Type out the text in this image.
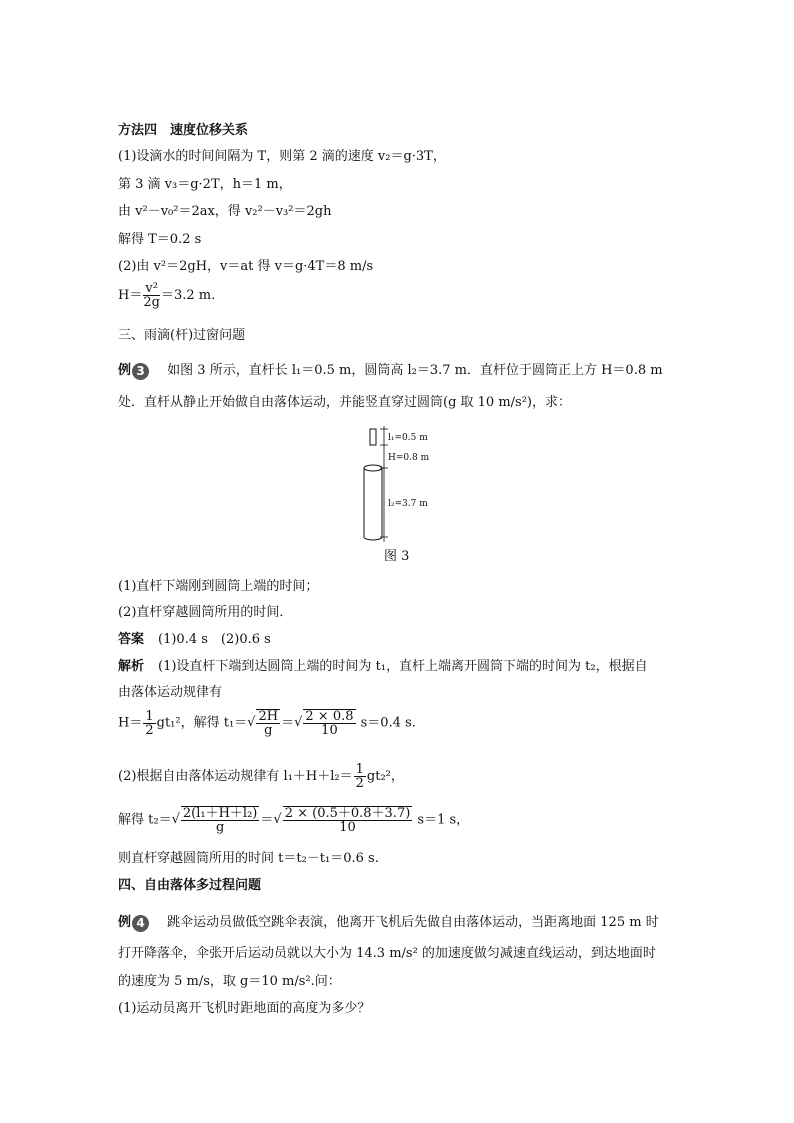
方法四　速度位移关系
(1)设滴水的时间间隔为 T，则第 2 滴的速度 v₂＝g·3T，
第 3 滴 v₃＝g·2T，h＝1 m，
由 v²－v₀²＝2ax，得 v₂²－v₃²＝2gh
解得 T＝0.2 s
(2)由 v²＝2gH，v＝at 得 v＝g·4T＝8 m/s
$H= \frac{\text{v²}}{2g} =3.2$ m.
三、雨滴(杆)过窗问题
例 3	如图 3 所示，直杆长 l₁＝0.5 m，圆筒高 l₂＝3.7 m．直杆位于圆筒正上方 H＝0.8 m
处．直杆从静止开始做自由落体运动，并能竖直穿过圆筒(g 取 10 m/s²)，求：
l₁=0.5 m
H=0.8 m
l₂=3.7 m
图 3
(1)直杆下端刚到圆筒上端的时间；
(2)直杆穿越圆筒所用的时间．
答案 (1)0.4 s　(2)0.6 s
解析 (1)设直杆下端到达圆筒上端的时间为 t₁，直杆上端离开圆筒下端的时间为 t₂，根据自
由落体运动规律有
$H= \frac{1}{2} gt_1^2$，解得 $t_1=√ \frac{2H}{g}$ ＝√ $\frac{2 \times 0.8}{10} s=0.4$ s.
(2)根据自由落体运动规律有 $l_1+H+l_2= \frac{1}{2} gt_2^2$，
解得 $t_2=√ \frac{\text{2(l₁＋H＋l₂)}}{g}$ ＝√ $\frac{2 \times (0.5+0.8+3.7)}{10} s=1$ s，
则直杆穿越圆筒所用的时间 t＝t₂－t₁＝0.6 s.
四、自由落体多过程问题
例 4	跳伞运动员做低空跳伞表演，他离开飞机后先做自由落体运动，当距离地面 125 m 时
打开降落伞，伞张开后运动员就以大小为 14.3 m/s² 的加速度做匀减速直线运动，到达地面时
的速度为 5 m/s，取 g＝10 m/s².问：
(1)运动员离开飞机时距地面的高度为多少？
